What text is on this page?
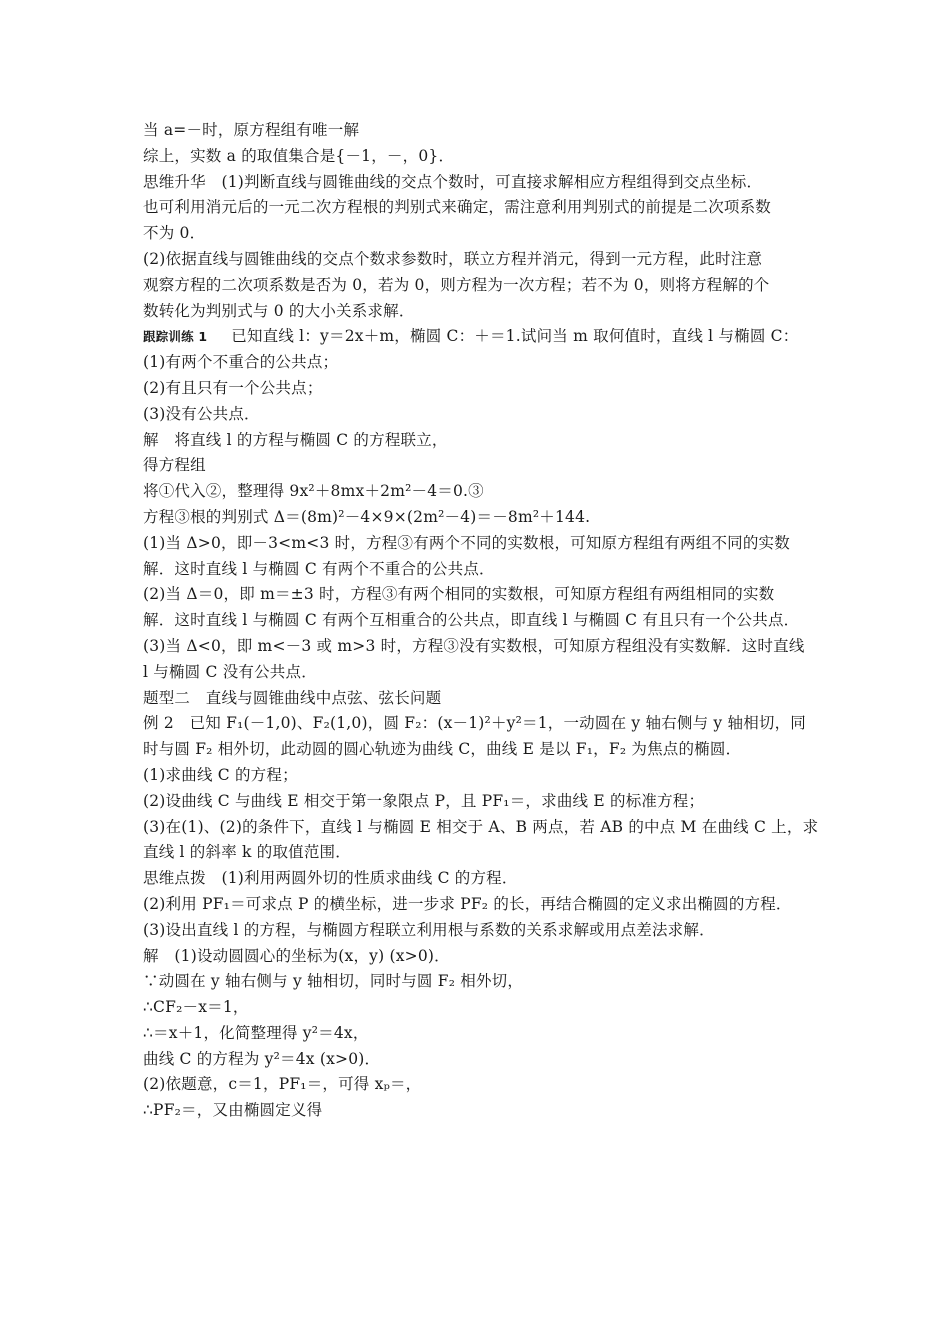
当 a=－时，原方程组有唯一解
综上，实数 a 的取值集合是{－1，－，0}．
思维升华　(1)判断直线与圆锥曲线的交点个数时，可直接求解相应方程组得到交点坐标．
也可利用消元后的一元二次方程根的判别式来确定，需注意利用判别式的前提是二次项系数
不为 0．
(2)依据直线与圆锥曲线的交点个数求参数时，联立方程并消元，得到一元方程，此时注意
观察方程的二次项系数是否为 0，若为 0，则方程为一次方程；若不为 0，则将方程解的个
数转化为判别式与 0 的大小关系求解．
跟踪训练 1 已知直线 l：y＝2x＋m，椭圆 C：＋＝1.试问当 m 取何值时，直线 l 与椭圆 C：
(1)有两个不重合的公共点；
(2)有且只有一个公共点；
(3)没有公共点．
解　将直线 l 的方程与椭圆 C 的方程联立，
得方程组
将①代入②，整理得 9x²＋8mx＋2m²－4＝0.③
方程③根的判别式 Δ＝(8m)²－4×9×(2m²－4)＝－8m²＋144.
(1)当 Δ>0，即－3<m<3 时，方程③有两个不同的实数根，可知原方程组有两组不同的实数
解．这时直线 l 与椭圆 C 有两个不重合的公共点．
(2)当 Δ＝0，即 m＝±3 时，方程③有两个相同的实数根，可知原方程组有两组相同的实数
解．这时直线 l 与椭圆 C 有两个互相重合的公共点，即直线 l 与椭圆 C 有且只有一个公共点．
(3)当 Δ<0，即 m<－3 或 m>3 时，方程③没有实数根，可知原方程组没有实数解．这时直线
l 与椭圆 C 没有公共点．
题型二　直线与圆锥曲线中点弦、弦长问题
例 2　已知 F₁(－1,0)、F₂(1,0)，圆 F₂：(x－1)²＋y²＝1，一动圆在 y 轴右侧与 y 轴相切，同
时与圆 F₂ 相外切，此动圆的圆心轨迹为曲线 C，曲线 E 是以 F₁，F₂ 为焦点的椭圆．
(1)求曲线 C 的方程；
(2)设曲线 C 与曲线 E 相交于第一象限点 P，且 PF₁＝，求曲线 E 的标准方程；
(3)在(1)、(2)的条件下，直线 l 与椭圆 E 相交于 A、B 两点，若 AB 的中点 M 在曲线 C 上，求
直线 l 的斜率 k 的取值范围．
思维点拨　(1)利用两圆外切的性质求曲线 C 的方程．
(2)利用 PF₁＝可求点 P 的横坐标，进一步求 PF₂ 的长，再结合椭圆的定义求出椭圆的方程．
(3)设出直线 l 的方程，与椭圆方程联立利用根与系数的关系求解或用点差法求解．
解　(1)设动圆圆心的坐标为(x，y) (x>0)．
∵动圆在 y 轴右侧与 y 轴相切，同时与圆 F₂ 相外切，
∴CF₂－x＝1，
∴＝x＋1，化简整理得 y²＝4x，
曲线 C 的方程为 y²＝4x (x>0)．
(2)依题意，c＝1，PF₁＝，可得 xₚ＝，
∴PF₂＝，又由椭圆定义得
